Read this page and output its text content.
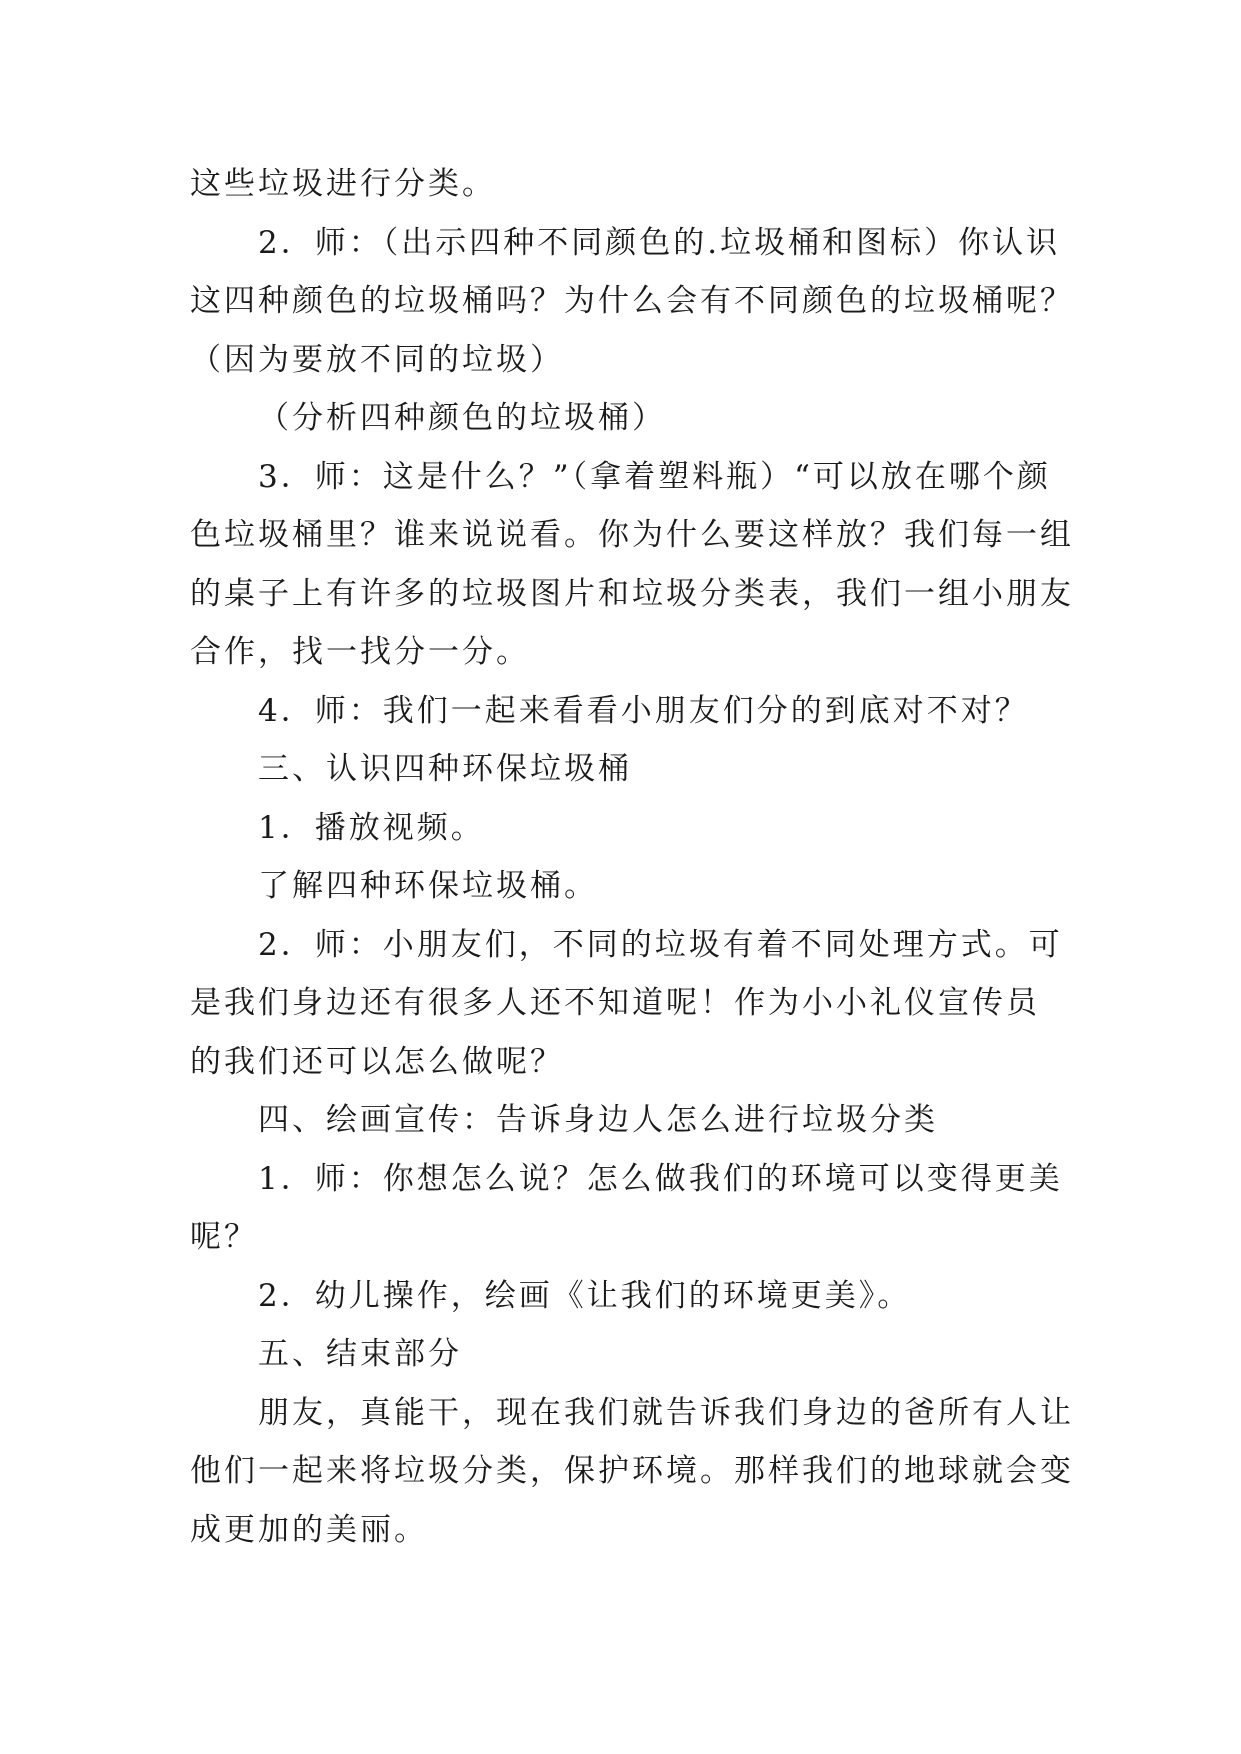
这些垃圾进行分类。

2．师：（出示四种不同颜色的.垃圾桶和图标）你认识

这四种颜色的垃圾桶吗？为什么会有不同颜色的垃圾桶呢？

（因为要放不同的垃圾）

（分析四种颜色的垃圾桶）

3．师：这是什么？”（拿着塑料瓶）“可以放在哪个颜

色垃圾桶里？谁来说说看。你为什么要这样放？我们每一组

的桌子上有许多的垃圾图片和垃圾分类表，我们一组小朋友

合作，找一找分一分。

4．师：我们一起来看看小朋友们分的到底对不对？

三、认识四种环保垃圾桶

1．播放视频。

了解四种环保垃圾桶。

2．师：小朋友们，不同的垃圾有着不同处理方式。可

是我们身边还有很多人还不知道呢！作为小小礼仪宣传员

的我们还可以怎么做呢？

四、绘画宣传：告诉身边人怎么进行垃圾分类

1．师：你想怎么说？怎么做我们的环境可以变得更美

呢？

2．幼儿操作，绘画《让我们的环境更美》。

五、结束部分

朋友，真能干，现在我们就告诉我们身边的爸所有人让

他们一起来将垃圾分类，保护环境。那样我们的地球就会变

成更加的美丽。
